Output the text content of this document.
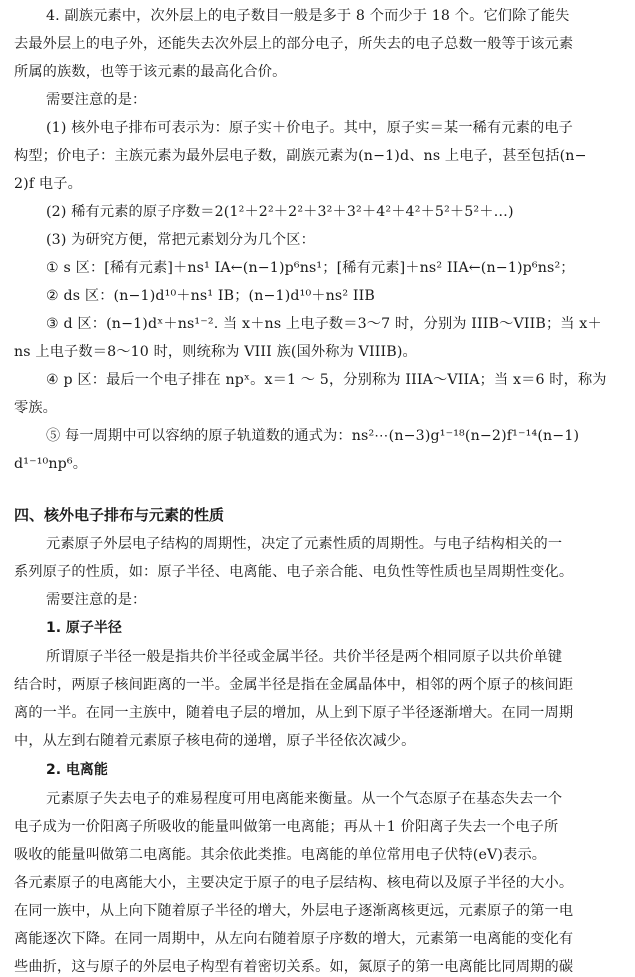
4. 副族元素中，次外层上的电子数目一般是多于 8 个而少于 18 个。它们除了能失
去最外层上的电子外，还能失去次外层上的部分电子，所失去的电子总数一般等于该元素
所属的族数，也等于该元素的最高化合价。
需要注意的是：
(1) 核外电子排布可表示为：原子实＋价电子。其中，原子实＝某一稀有元素的电子
构型；价电子：主族元素为最外层电子数，副族元素为(n−1)d、ns 上电子，甚至包括(n−
2)f 电子。
(2) 稀有元素的原子序数＝2(1²＋2²＋2²＋3²＋3²＋4²＋4²＋5²＋5²＋…)
(3) 为研究方便，常把元素划分为几个区：
① s 区：[稀有元素]＋ns¹ IA←(n−1)p⁶ns¹；[稀有元素]＋ns² IIA←(n−1)p⁶ns²；
② ds 区：(n−1)d¹⁰＋ns¹ IB；(n−1)d¹⁰＋ns² IIB
③ d 区：(n−1)dˣ＋ns¹⁻². 当 x＋ns 上电子数＝3～7 时，分别为 IIIB～VIIB；当 x＋
ns 上电子数＝8～10 时，则统称为 VIII 族(国外称为 VIIIB)。
④ p 区：最后一个电子排在 npˣ。x＝1 ～ 5，分别称为 IIIA～VIIA；当 x＝6 时，称为
零族。
⑤ 每一周期中可以容纳的原子轨道数的通式为：ns²⋯(n−3)g¹⁻¹⁸(n−2)f¹⁻¹⁴(n−1)
d¹⁻¹⁰np⁶。
四、核外电子排布与元素的性质
元素原子外层电子结构的周期性，决定了元素性质的周期性。与电子结构相关的一
系列原子的性质，如：原子半径、电离能、电子亲合能、电负性等性质也呈周期性变化。
需要注意的是：
1. 原子半径
所谓原子半径一般是指共价半径或金属半径。共价半径是两个相同原子以共价单键
结合时，两原子核间距离的一半。金属半径是指在金属晶体中，相邻的两个原子的核间距
离的一半。在同一主族中，随着电子层的增加，从上到下原子半径逐渐增大。在同一周期
中，从左到右随着元素原子核电荷的递增，原子半径依次减少。
2. 电离能
元素原子失去电子的难易程度可用电离能来衡量。从一个气态原子在基态失去一个
电子成为一价阳离子所吸收的能量叫做第一电离能；再从＋1 价阳离子失去一个电子所
吸收的能量叫做第二电离能。其余依此类推。电离能的单位常用电子伏特(eV)表示。
各元素原子的电离能大小，主要决定于原子的电子层结构、核电荷以及原子半径的大小。
在同一族中，从上向下随着原子半径的增大，外层电子逐渐离核更远，元素原子的第一电
离能逐次下降。在同一周期中，从左向右随着原子序数的增大，元素第一电离能的变化有
些曲折，这与原子的外层电子构型有着密切关系。如，氮原子的第一电离能比同周期的碳
